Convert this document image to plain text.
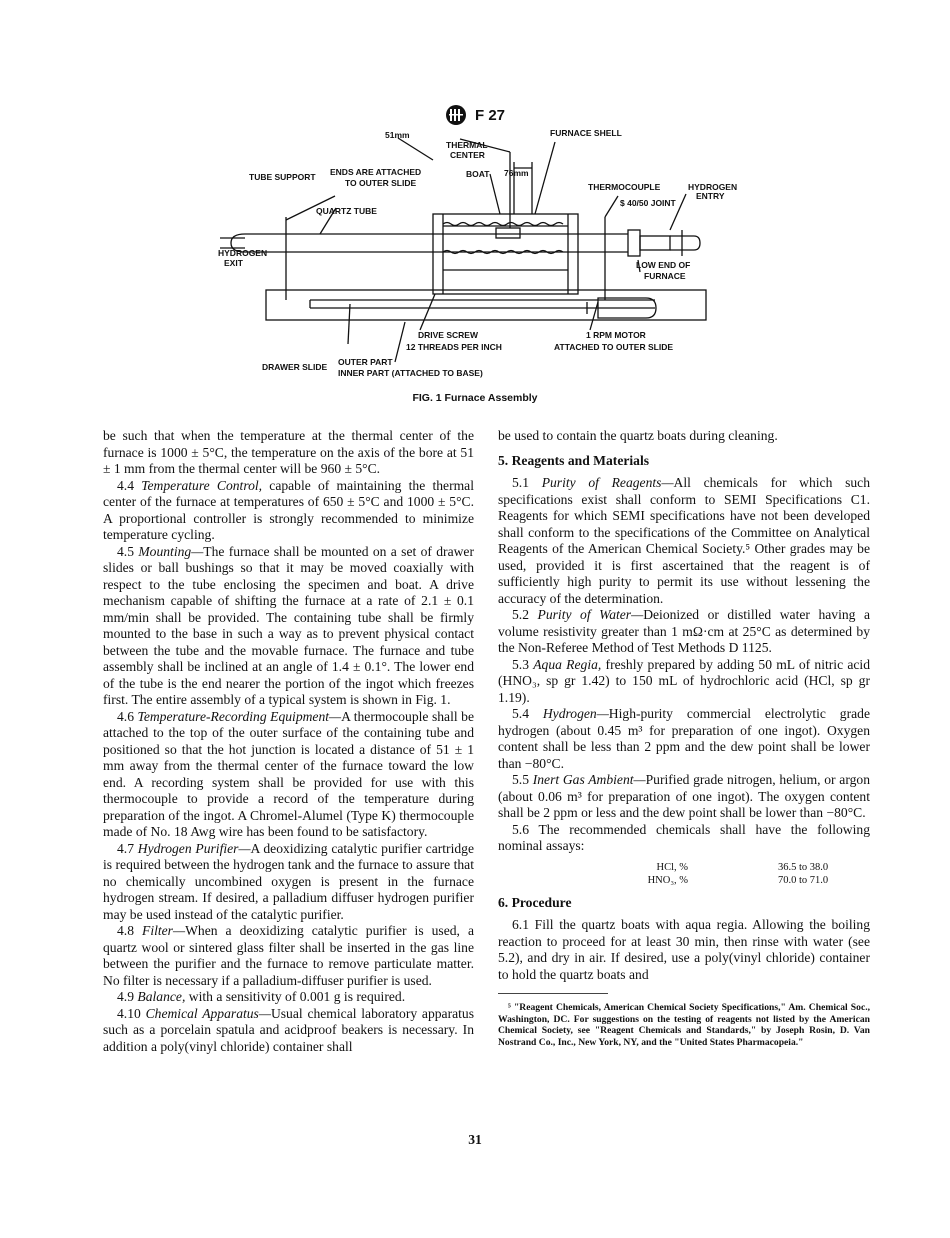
F 27
51mm
THERMAL
CENTER
FURNACE SHELL
ENDS ARE ATTACHED
TO OUTER SLIDE
BOAT 76mm
TUBE SUPPORT
THERMOCOUPLE	HYDROGEN
ENTRY
$ 40/50 JOINT
QUARTZ TUBE
HYDROGEN
EXIT	LOW END OF
FURNACE
DRIVE SCREW
12 THREADS PER INCH
1 RPM MOTOR
ATTACHED TO OUTER SLIDE
DRAWER SLIDE OUTER PART
INNER PART (ATTACHED TO BASE)
FIG. 1 Furnace Assembly

be such that when the temperature at the thermal center of the furnace is 1000 ± 5°C, the temperature on the axis of the bore at 51 ± 1 mm from the thermal center will be 960 ± 5°C.

4.4 Temperature Control, capable of maintaining the thermal center of the furnace at temperatures of 650 ± 5°C and 1000 ± 5°C. A proportional controller is strongly recommended to minimize temperature cycling.

4.5 Mounting—The furnace shall be mounted on a set of drawer slides or ball bushings so that it may be moved coaxially with respect to the tube enclosing the specimen and boat. A drive mechanism capable of shifting the furnace at a rate of 2.1 ± 0.1 mm/min shall be provided. The containing tube shall be firmly mounted to the base in such a way as to prevent physical contact between the tube and the movable furnace. The furnace and tube assembly shall be inclined at an angle of 1.4 ± 0.1°. The lower end of the tube is the end nearer the portion of the ingot which freezes first. The entire assembly of a typical system is shown in Fig. 1.

4.6 Temperature-Recording Equipment—A thermocouple shall be attached to the top of the outer surface of the containing tube and positioned so that the hot junction is located a distance of 51 ± 1 mm away from the thermal center of the furnace toward the low end. A recording system shall be provided for use with this thermocouple to provide a record of the temperature during preparation of the ingot. A Chromel-Alumel (Type K) thermocouple made of No. 18 Awg wire has been found to be satisfactory.

4.7 Hydrogen Purifier—A deoxidizing catalytic purifier cartridge is required between the hydrogen tank and the furnace to assure that no chemically uncombined oxygen is present in the furnace hydrogen stream. If desired, a palladium diffuser hydrogen purifier may be used instead of the catalytic purifier.

4.8 Filter—When a deoxidizing catalytic purifier is used, a quartz wool or sintered glass filter shall be inserted in the gas line between the purifier and the furnace to remove particulate matter. No filter is necessary if a palladium-diffuser purifier is used.

4.9 Balance, with a sensitivity of 0.001 g is required.

4.10 Chemical Apparatus—Usual chemical laboratory apparatus such as a porcelain spatula and acidproof beakers is necessary. In addition a poly(vinyl chloride) container shall

be used to contain the quartz boats during cleaning.

5. Reagents and Materials

5.1 Purity of Reagents—All chemicals for which such specifications exist shall conform to SEMI Specifications C1. Reagents for which SEMI specifications have not been developed shall conform to the specifications of the Committee on Analytical Reagents of the American Chemical Society.⁵ Other grades may be used, provided it is first ascertained that the reagent is of sufficiently high purity to permit its use without lessening the accuracy of the determination.

5.2 Purity of Water—Deionized or distilled water having a volume resistivity greater than 1 mΩ·cm at 25°C as determined by the Non-Referee Method of Test Methods D 1125.

5.3 Aqua Regia, freshly prepared by adding 50 mL of nitric acid (HNO₃, sp gr 1.42) to 150 mL of hydrochloric acid (HCl, sp gr 1.19).

5.4 Hydrogen—High-purity commercial electrolytic grade hydrogen (about 0.45 m³ for preparation of one ingot). Oxygen content shall be less than 2 ppm and the dew point shall be lower than −80°C.

5.5 Inert Gas Ambient—Purified grade nitrogen, helium, or argon (about 0.06 m³ for preparation of one ingot). The oxygen content shall be 2 ppm or less and the dew point shall be lower than −80°C.

5.6 The recommended chemicals shall have the following nominal assays:

HCl, %	36.5 to 38.0
HNO₃, %	70.0 to 71.0
6. Procedure

6.1 Fill the quartz boats with aqua regia. Allowing the boiling reaction to proceed for at least 30 min, then rinse with water (see 5.2), and dry in air. If desired, use a poly(vinyl chloride) container to hold the quartz boats and

⁵ "Reagent Chemicals, American Chemical Society Specifications," Am. Chemical Soc., Washington, DC. For suggestions on the testing of reagents not listed by the American Chemical Society, see "Reagent Chemicals and Standards," by Joseph Rosin, D. Van Nostrand Co., Inc., New York, NY, and the "United States Pharmacopeia."
31
